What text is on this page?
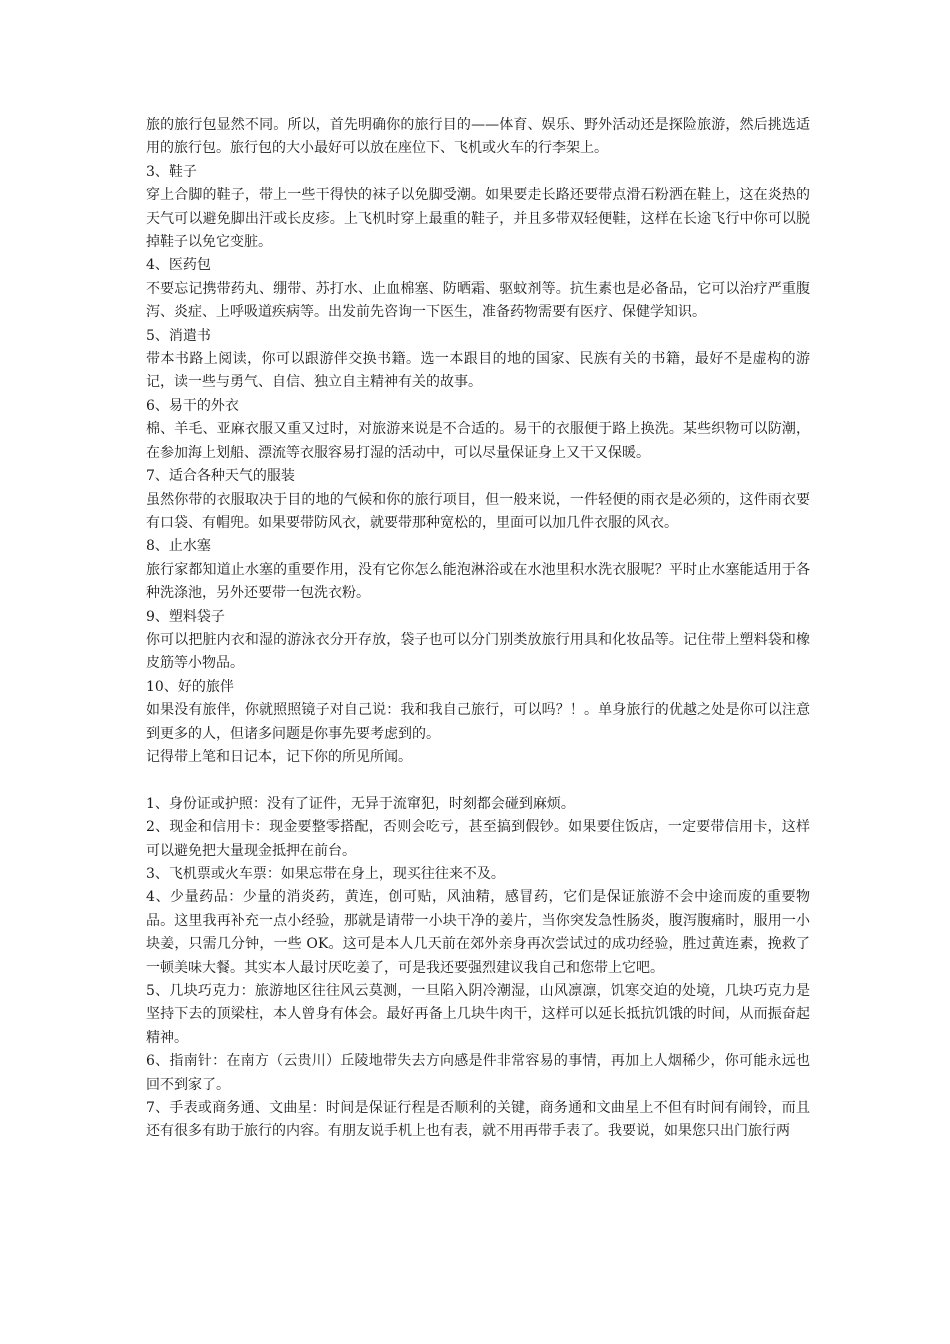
旅的旅行包显然不同。所以，首先明确你的旅行目的——体育、娱乐、野外活动还是探险旅游，然后挑选适用的旅行包。旅行包的大小最好可以放在座位下、飞机或火车的行李架上。

3、鞋子

穿上合脚的鞋子，带上一些干得快的袜子以免脚受潮。如果要走长路还要带点滑石粉洒在鞋上，这在炎热的天气可以避免脚出汗或长皮疹。上飞机时穿上最重的鞋子，并且多带双轻便鞋，这样在长途飞行中你可以脱掉鞋子以免它变脏。

4、医药包

不要忘记携带药丸、绷带、苏打水、止血棉塞、防晒霜、驱蚊剂等。抗生素也是必备品，它可以治疗严重腹泻、炎症、上呼吸道疾病等。出发前先咨询一下医生，准备药物需要有医疗、保健学知识。

5、消遣书

带本书路上阅读，你可以跟游伴交换书籍。选一本跟目的地的国家、民族有关的书籍，最好不是虚构的游记，读一些与勇气、自信、独立自主精神有关的故事。

6、易干的外衣

棉、羊毛、亚麻衣服又重又过时，对旅游来说是不合适的。易干的衣服便于路上换洗。某些织物可以防潮，在参加海上划船、漂流等衣服容易打湿的活动中，可以尽量保证身上又干又保暖。

7、适合各种天气的服装

虽然你带的衣服取决于目的地的气候和你的旅行项目，但一般来说，一件轻便的雨衣是必须的，这件雨衣要有口袋、有帽兜。如果要带防风衣，就要带那种宽松的，里面可以加几件衣服的风衣。

8、止水塞

旅行家都知道止水塞的重要作用，没有它你怎么能泡淋浴或在水池里积水洗衣服呢？平时止水塞能适用于各种洗涤池，另外还要带一包洗衣粉。

9、塑料袋子

你可以把脏内衣和湿的游泳衣分开存放，袋子也可以分门别类放旅行用具和化妆品等。记住带上塑料袋和橡皮筋等小物品。

10、好的旅伴

如果没有旅伴，你就照照镜子对自己说：我和我自己旅行，可以吗？！。单身旅行的优越之处是你可以注意到更多的人，但诸多问题是你事先要考虑到的。

记得带上笔和日记本，记下你的所见所闻。

1、身份证或护照：没有了证件，无异于流窜犯，时刻都会碰到麻烦。

2、现金和信用卡：现金要整零搭配，否则会吃亏，甚至搞到假钞。如果要住饭店，一定要带信用卡，这样可以避免把大量现金抵押在前台。

3、飞机票或火车票：如果忘带在身上，现买往往来不及。

4、少量药品：少量的消炎药，黄连，创可贴，风油精，感冒药，它们是保证旅游不会中途而废的重要物品。这里我再补充一点小经验，那就是请带一小块干净的姜片，当你突发急性肠炎，腹泻腹痛时，服用一小块姜，只需几分钟，一些 OK。这可是本人几天前在郊外亲身再次尝试过的成功经验，胜过黄连素，挽救了一顿美味大餐。其实本人最讨厌吃姜了，可是我还要强烈建议我自己和您带上它吧。

5、几块巧克力：旅游地区往往风云莫测，一旦陷入阴冷潮湿，山风凛凛，饥寒交迫的处境，几块巧克力是坚持下去的顶梁柱，本人曾身有体会。最好再备上几块牛肉干，这样可以延长抵抗饥饿的时间，从而振奋起精神。

6、指南针：在南方（云贵川）丘陵地带失去方向感是件非常容易的事情，再加上人烟稀少，你可能永远也回不到家了。

7、手表或商务通、文曲星：时间是保证行程是否顺利的关键，商务通和文曲星上不但有时间有闹铃，而且还有很多有助于旅行的内容。有朋友说手机上也有表，就不用再带手表了。我要说，如果您只出门旅行两
